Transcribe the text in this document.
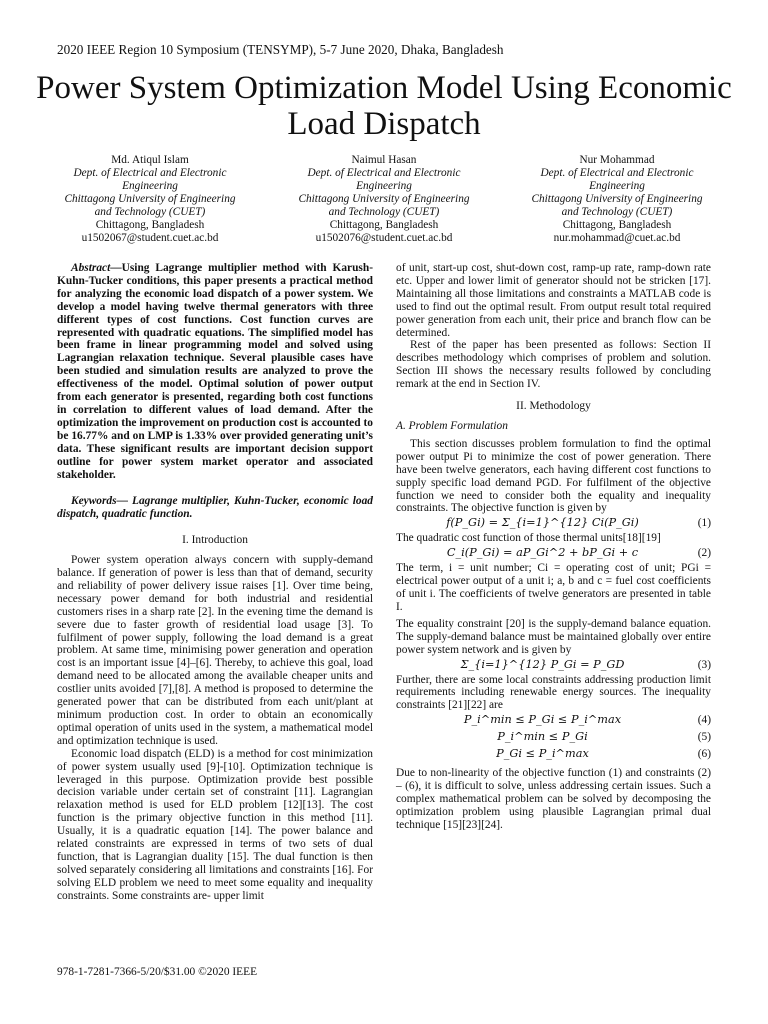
2020 IEEE Region 10 Symposium (TENSYMP), 5-7 June 2020, Dhaka, Bangladesh
Power System Optimization Model Using Economic
Load Dispatch
Md. Atiqul Islam
Dept. of Electrical and Electronic
Engineering
Chittagong University of Engineering
and Technology (CUET)
Chittagong, Bangladesh
u1502067@student.cuet.ac.bd
Naimul Hasan
Dept. of Electrical and Electronic
Engineering
Chittagong University of Engineering
and Technology (CUET)
Chittagong, Bangladesh
u1502076@student.cuet.ac.bd
Nur Mohammad
Dept. of Electrical and Electronic
Engineering
Chittagong University of Engineering
and Technology (CUET)
Chittagong, Bangladesh
nur.mohammad@cuet.ac.bd

Abstract—Using Lagrange multiplier method with Karush-Kuhn-Tucker conditions, this paper presents a practical method for analyzing the economic load dispatch of a power system. We develop a model having twelve thermal generators with three different types of cost functions. Cost function curves are represented with quadratic equations. The simplified model has been frame in linear programming model and solved using Lagrangian relaxation technique. Several plausible cases have been studied and simulation results are analyzed to prove the effectiveness of the model. Optimal solution of power output from each generator is presented, regarding both cost functions in correlation to different values of load demand. After the optimization the improvement on production cost is accounted to be 16.77% and on LMP is 1.33% over provided generating unit’s data. These significant results are important decision support outline for power system market operator and associated stakeholder.

Keywords— Lagrange multiplier, Kuhn-Tucker, economic load dispatch, quadratic function.

I. Introduction

Power system operation always concern with supply-demand balance. If generation of power is less than that of demand, security and reliability of power delivery issue raises [1]. Over time being, necessary power demand for both industrial and residential customers rises in a sharp rate [2]. In the evening time the demand is severe due to faster growth of residential load usage [3]. To fulfilment of power supply, following the load demand is a great problem. At same time, minimising power generation and operation cost is an important issue [4]–[6]. Thereby, to achieve this goal, load demand need to be allocated among the available cheaper units and costlier units avoided [7],[8]. A method is proposed to determine the generated power that can be distributed from each unit/plant at minimum production cost. In order to obtain an economically optimal operation of units used in the system, a mathematical model and optimization technique is used.

Economic load dispatch (ELD) is a method for cost minimization of power system usually used [9]-[10]. Optimization technique is leveraged in this purpose. Optimization provide best possible decision variable under certain set of constraint [11]. Lagrangian relaxation method is used for ELD problem [12][13]. The cost function is the primary objective function in this method [11]. Usually, it is a quadratic equation [14]. The power balance and related constraints are expressed in terms of two sets of dual function, that is Lagrangian duality [15]. The dual function is then solved separately considering all limitations and constraints [16]. For solving ELD problem we need to meet some equality and inequality constraints. Some constraints are- upper limit

of unit, start-up cost, shut-down cost, ramp-up rate, ramp-down rate etc. Upper and lower limit of generator should not be stricken [17]. Maintaining all those limitations and constraints a MATLAB code is used to find out the optimal result. From output result total required power generation from each unit, their price and branch flow can be determined.

Rest of the paper has been presented as follows: Section II describes methodology which comprises of problem and solution. Section III shows the necessary results followed by concluding remark at the end in Section IV.

II. Methodology
A. Problem Formulation

This section discusses problem formulation to find the optimal power output Pi to minimize the cost of power generation. There have been twelve generators, each having different cost functions to supply specific load demand PGD. For fulfilment of the objective function we need to consider both the equality and inequality constraints. The objective function is given by

f(P_Gi) = Σ_{i=1}^{12} Ci(P_Gi)	(1)

The quadratic cost function of those thermal units[18][19]

C_i(P_Gi) = aP_Gi^2 + bP_Gi + c	(2)

The term, i = unit number; Ci = operating cost of unit; PGi = electrical power output of a unit i; a, b and c = fuel cost coefficients of unit i. The coefficients of twelve generators are presented in table I.

The equality constraint [20] is the supply-demand balance equation. The supply-demand balance must be maintained globally over entire power system network and is given by

Σ_{i=1}^{12} P_Gi = P_GD	(3)

Further, there are some local constraints addressing production limit requirements including renewable energy sources. The inequality constraints [21][22] are

P_i^min ≤ P_Gi ≤ P_i^max	(4)
P_i^min ≤ P_Gi	(5)
P_Gi ≤ P_i^max	(6)

Due to non-linearity of the objective function (1) and constraints (2) – (6), it is difficult to solve, unless addressing certain issues. Such a complex mathematical problem can be solved by decomposing the optimization problem using plausible Lagrangian primal dual technique [15][23][24].

978-1-7281-7366-5/20/$31.00 ©2020 IEEE
